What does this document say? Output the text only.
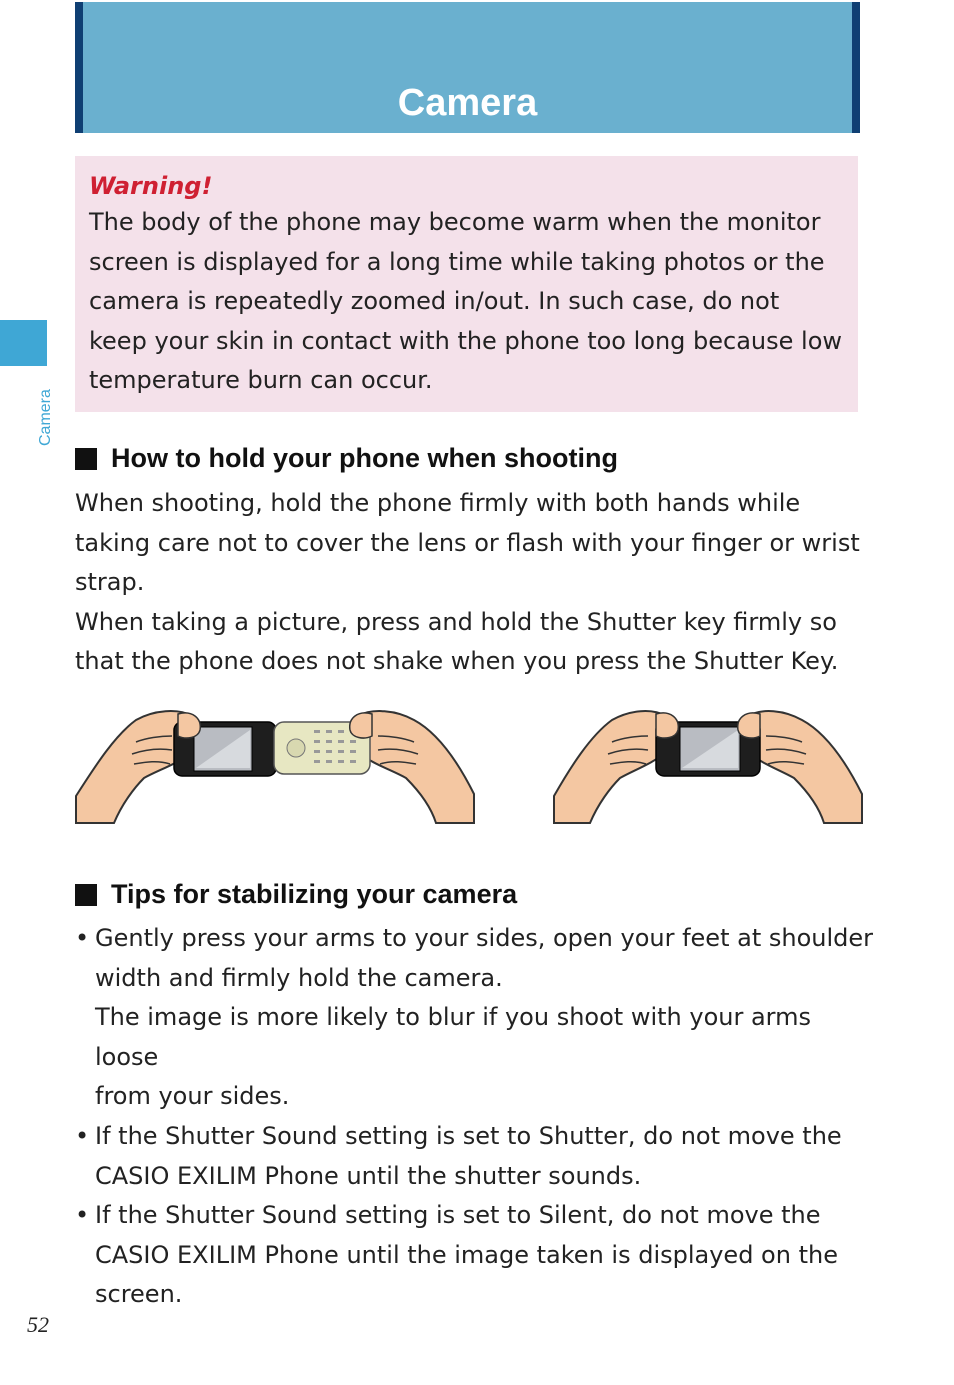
Camera
Camera
Warning!
The body of the phone may become warm when the monitor
screen is displayed for a long time while taking photos or the
camera is repeatedly zoomed in/out. In such case, do not
keep your skin in contact with the phone too long because low
temperature burn can occur.
How to hold your phone when shooting
When shooting, hold the phone firmly with both hands while
taking care not to cover the lens or flash with your finger or wrist
strap.
When taking a picture, press and hold the Shutter key firmly so
that the phone does not shake when you press the Shutter Key.
Tips for stabilizing your camera
• Gently press your arms to your sides, open your feet at shoulder
width and firmly hold the camera.
The image is more likely to blur if you shoot with your arms loose
from your sides.
• If the Shutter Sound setting is set to Shutter, do not move the
CASIO EXILIM Phone until the shutter sounds.
• If the Shutter Sound setting is set to Silent, do not move the
CASIO EXILIM Phone until the image taken is displayed on the
screen.
52
